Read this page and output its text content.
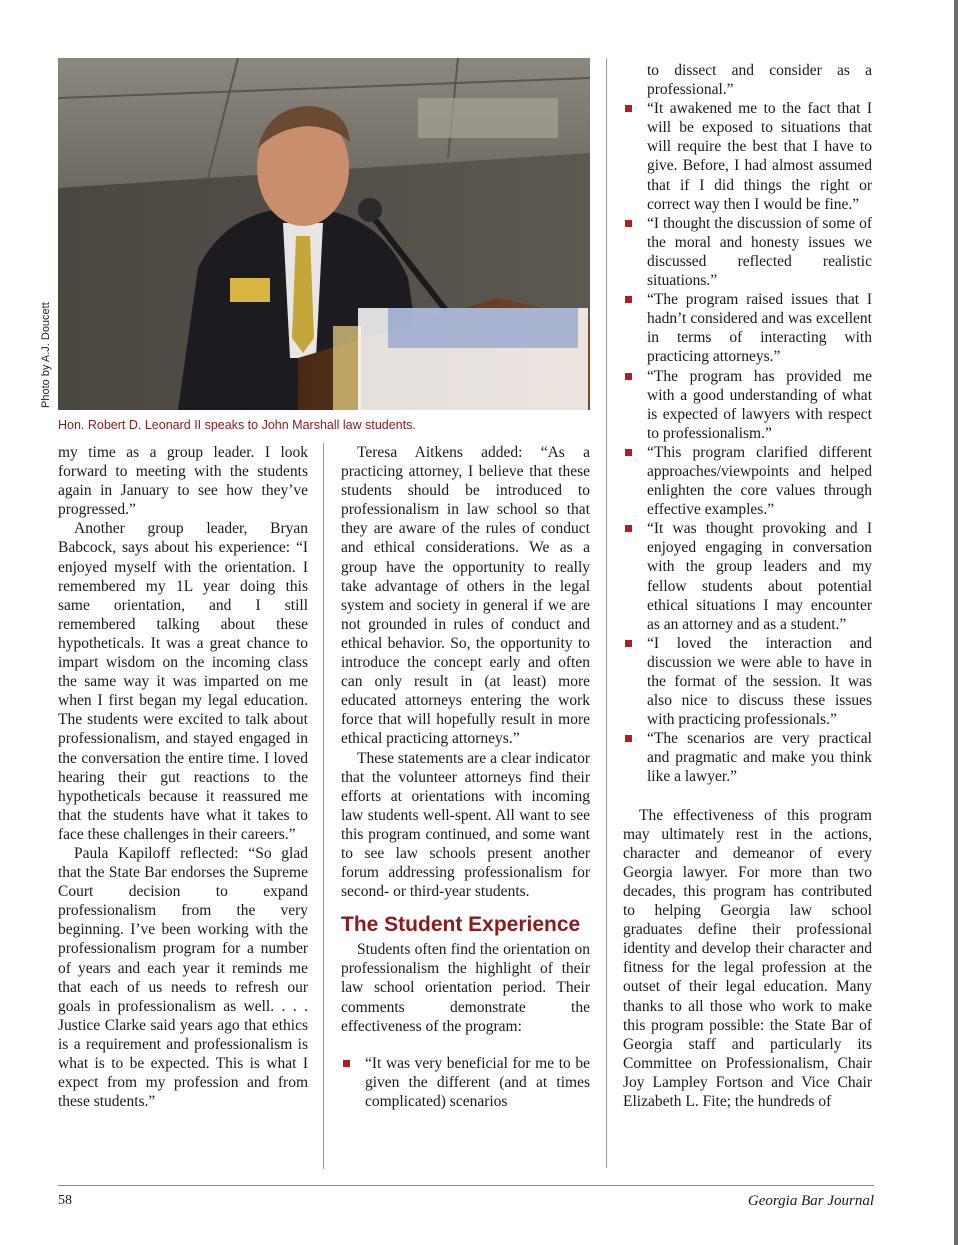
Photo by A.J. Doucett
Hon. Robert D. Leonard II speaks to John Marshall law students.

my time as a group leader. I look forward to meeting with the students again in January to see how they’ve progressed.”

Another group leader, Bryan Babcock, says about his experience: “I enjoyed myself with the orientation. I remembered my 1L year doing this same orientation, and I still remembered talking about these hypotheticals. It was a great chance to impart wisdom on the incoming class the same way it was imparted on me when I first began my legal education. The students were excited to talk about professionalism, and stayed engaged in the conversation the entire time. I loved hearing their gut reactions to the hypotheticals because it reassured me that the students have what it takes to face these challenges in their careers.”

Paula Kapiloff reflected: “So glad that the State Bar endorses the Supreme Court decision to expand professionalism from the very beginning. I’ve been working with the professionalism program for a number of years and each year it reminds me that each of us needs to refresh our goals in professionalism as well. . . . Justice Clarke said years ago that ethics is a requirement and professionalism is what is to be expected. This is what I expect from my profession and from these students.”

Teresa Aitkens added: “As a practicing attorney, I believe that these students should be introduced to professionalism in law school so that they are aware of the rules of conduct and ethical considerations. We as a group have the opportunity to really take advantage of others in the legal system and society in general if we are not grounded in rules of conduct and ethical behavior. So, the opportunity to introduce the concept early and often can only result in (at least) more educated attorneys entering the work force that will hopefully result in more ethical practicing attorneys.”

These statements are a clear indicator that the volunteer attorneys find their efforts at orientations with incoming law students well-spent. All want to see this program continued, and some want to see law schools present another forum addressing professionalism for second- or third-year students.

The Student Experience

Students often find the orientation on professionalism the highlight of their law school orientation period. Their comments demonstrate the effectiveness of the program:

“It was very beneficial for me to be given the different (and at times complicated) scenarios

to dissect and consider as a professional.”

“It awakened me to the fact that I will be exposed to situations that will require the best that I have to give. Before, I had almost assumed that if I did things the right or correct way then I would be fine.”
“I thought the discussion of some of the moral and honesty issues we discussed reflected realistic situations.”
“The program raised issues that I hadn’t considered and was excellent in terms of interacting with practicing attorneys.”
“The program has provided me with a good understanding of what is expected of lawyers with respect to professionalism.”
“This program clarified different approaches/viewpoints and helped enlighten the core values through effective examples.”
“It was thought provoking and I enjoyed engaging in conversation with the group leaders and my fellow students about potential ethical situations I may encounter as an attorney and as a student.”
“I loved the interaction and discussion we were able to have in the format of the session. It was also nice to discuss these issues with practicing professionals.”
“The scenarios are very practical and pragmatic and make you think like a lawyer.”

The effectiveness of this program may ultimately rest in the actions, character and demeanor of every Georgia lawyer. For more than two decades, this program has contributed to helping Georgia law school graduates define their professional identity and develop their character and fitness for the legal profession at the outset of their legal education. Many thanks to all those who work to make this program possible: the State Bar of Georgia staff and particularly its Committee on Professionalism, Chair Joy Lampley Fortson and Vice Chair Elizabeth L. Fite; the hundreds of

58	Georgia Bar Journal
